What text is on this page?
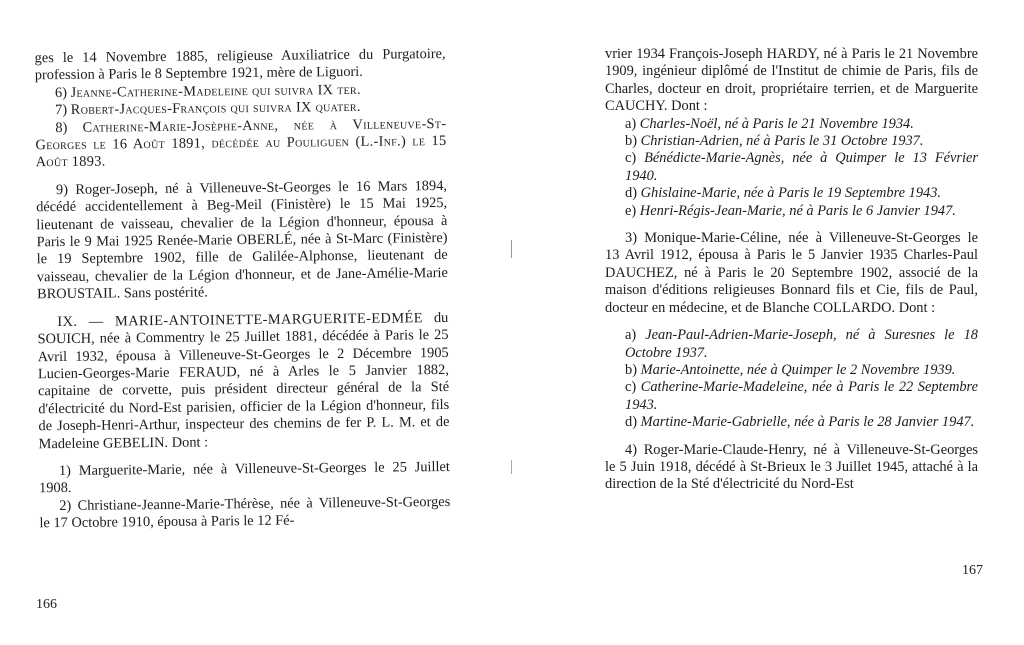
ges le 14 Novembre 1885, religieuse Auxiliatrice du Purgatoire, profession à Paris le 8 Septembre 1921, mère de Liguori.

6) Jeanne-Catherine-Madeleine qui suivra IX ter.

7) Robert-Jacques-François qui suivra IX quater.

8) Catherine-Marie-Josèphe-Anne, née à Villeneuve-St-Georges le 16 Août 1891, décédée au Pouliguen (L.-Inf.) le 15 Août 1893.

9) Roger-Joseph, né à Villeneuve-St-Georges le 16 Mars 1894, décédé accidentellement à Beg-Meil (Finistère) le 15 Mai 1925, lieutenant de vaisseau, chevalier de la Légion d'honneur, épousa à Paris le 9 Mai 1925 Renée-Marie OBERLÉ, née à St-Marc (Finistère) le 19 Septembre 1902, fille de Galilée-Alphonse, lieutenant de vaisseau, chevalier de la Légion d'honneur, et de Jane-Amélie-Marie BROUSTAIL. Sans postérité.

IX. — MARIE-ANTOINETTE-MARGUERITE-EDMÉE du SOUICH, née à Commentry le 25 Juillet 1881, décédée à Paris le 25 Avril 1932, épousa à Villeneuve-St-Georges le 2 Décembre 1905 Lucien-Georges-Marie FERAUD, né à Arles le 5 Janvier 1882, capitaine de corvette, puis président directeur général de la Sté d'électricité du Nord-Est parisien, officier de la Légion d'honneur, fils de Joseph-Henri-Arthur, inspecteur des chemins de fer P. L. M. et de Madeleine GEBELIN. Dont :

1) Marguerite-Marie, née à Villeneuve-St-Georges le 25 Juillet 1908.

2) Christiane-Jeanne-Marie-Thérèse, née à Villeneuve-St-Georges le 17 Octobre 1910, épousa à Paris le 12 Fé-

vrier 1934 François-Joseph HARDY, né à Paris le 21 Novembre 1909, ingénieur diplômé de l'Institut de chimie de Paris, fils de Charles, docteur en droit, propriétaire terrien, et de Marguerite CAUCHY. Dont :

a) Charles-Noël, né à Paris le 21 Novembre 1934.

b) Christian-Adrien, né à Paris le 31 Octobre 1937.

c) Bénédicte-Marie-Agnès, née à Quimper le 13 Février 1940.

d) Ghislaine-Marie, née à Paris le 19 Septembre 1943.

e) Henri-Régis-Jean-Marie, né à Paris le 6 Janvier 1947.

3) Monique-Marie-Céline, née à Villeneuve-St-Georges le 13 Avril 1912, épousa à Paris le 5 Janvier 1935 Charles-Paul DAUCHEZ, né à Paris le 20 Septembre 1902, associé de la maison d'éditions religieuses Bonnard fils et Cie, fils de Paul, docteur en médecine, et de Blanche COLLARDO. Dont :

a) Jean-Paul-Adrien-Marie-Joseph, né à Suresnes le 18 Octobre 1937.

b) Marie-Antoinette, née à Quimper le 2 Novembre 1939.

c) Catherine-Marie-Madeleine, née à Paris le 22 Septembre 1943.

d) Martine-Marie-Gabrielle, née à Paris le 28 Janvier 1947.

4) Roger-Marie-Claude-Henry, né à Villeneuve-St-Georges le 5 Juin 1918, décédé à St-Brieux le 3 Juillet 1945, attaché à la direction de la Sté d'électricité du Nord-Est

166
167
